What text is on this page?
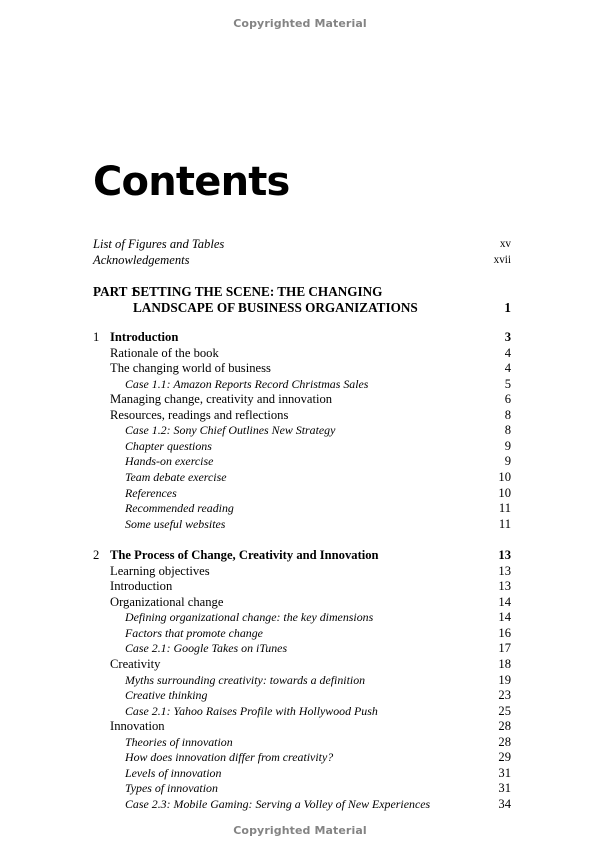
Copyrighted Material
Contents
List of Figures and Tables	xv
Acknowledgements	xvii
PART 1
SETTING THE SCENE: THE CHANGING
LANDSCAPE OF BUSINESS ORGANIZATIONS	1
1 Introduction	3
Rationale of the book	4
The changing world of business	4
Case 1.1: Amazon Reports Record Christmas Sales	5
Managing change, creativity and innovation	6
Resources, readings and reflections	8
Case 1.2: Sony Chief Outlines New Strategy	8
Chapter questions	9
Hands-on exercise	9
Team debate exercise	10
References	10
Recommended reading	11
Some useful websites	11
2 The Process of Change, Creativity and Innovation	13
Learning objectives	13
Introduction	13
Organizational change	14
Defining organizational change: the key dimensions	14
Factors that promote change	16
Case 2.1: Google Takes on iTunes	17
Creativity	18
Myths surrounding creativity: towards a definition	19
Creative thinking	23
Case 2.1: Yahoo Raises Profile with Hollywood Push	25
Innovation	28
Theories of innovation	28
How does innovation differ from creativity?	29
Levels of innovation	31
Types of innovation	31
Case 2.3: Mobile Gaming: Serving a Volley of New Experiences	34
Copyrighted Material
